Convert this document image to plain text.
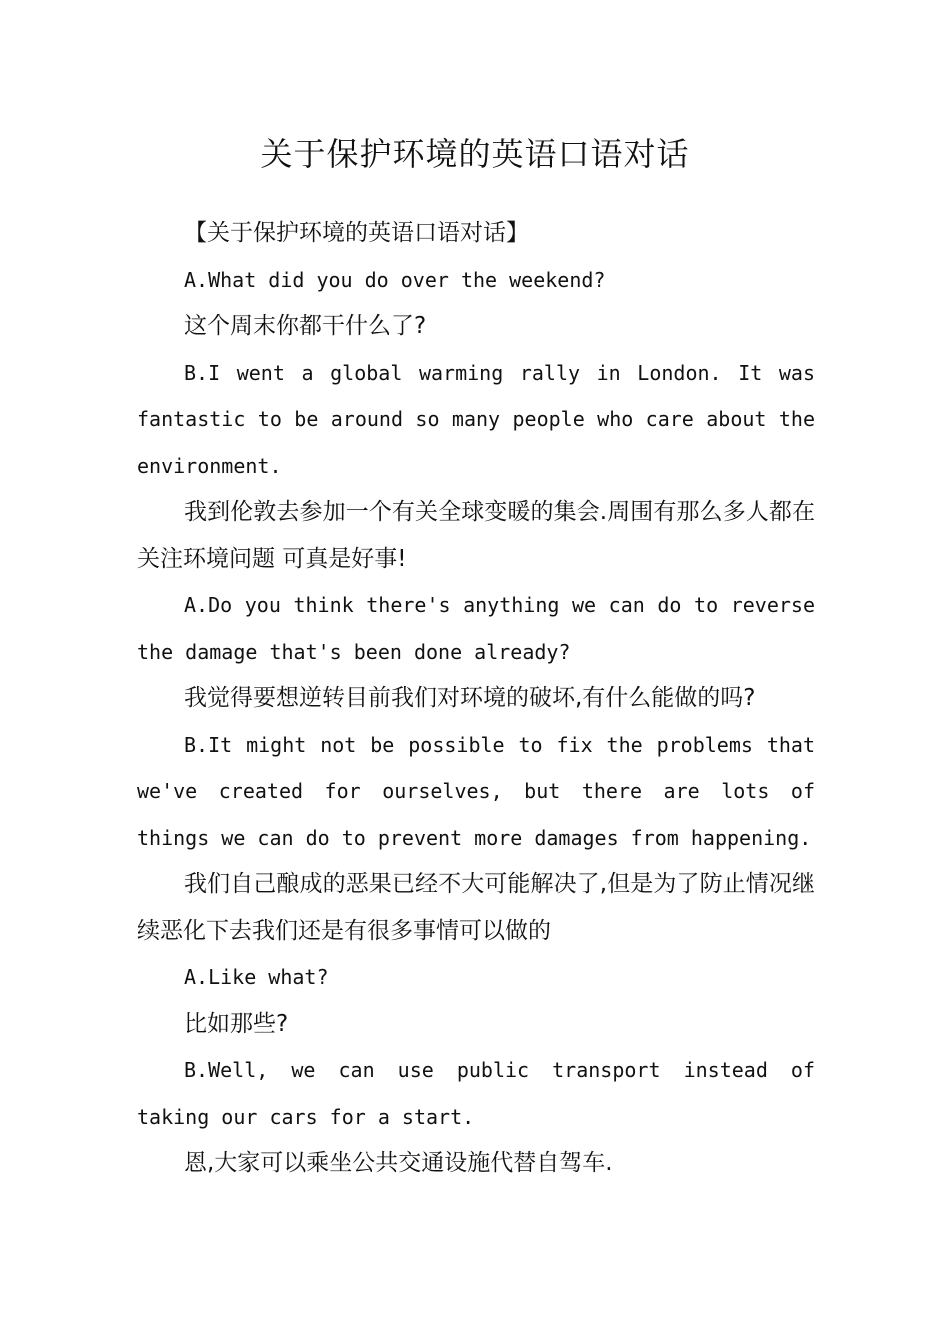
关于保护环境的英语口语对话

【关于保护环境的英语口语对话】

A.What did you do over the weekend?

这个周末你都干什么了?

B.I went a global warming rally in London. It was fantastic to be around so many people who care about the environment.

我到伦敦去参加一个有关全球变暖的集会.周围有那么多人都在关注环境问题 可真是好事!

A.Do you think there's anything we can do to reverse the damage that's been done already?

我觉得要想逆转目前我们对环境的破坏,有什么能做的吗?

B.It might not be possible to fix the problems that we've created for ourselves, but there are lots of things we can do to prevent more damages from happening.

我们自己酿成的恶果已经不大可能解决了,但是为了防止情况继续恶化下去我们还是有很多事情可以做的

A.Like what?

比如那些?

B.Well, we can use public transport instead of taking our cars for a start.

恩,大家可以乘坐公共交通设施代替自驾车.
